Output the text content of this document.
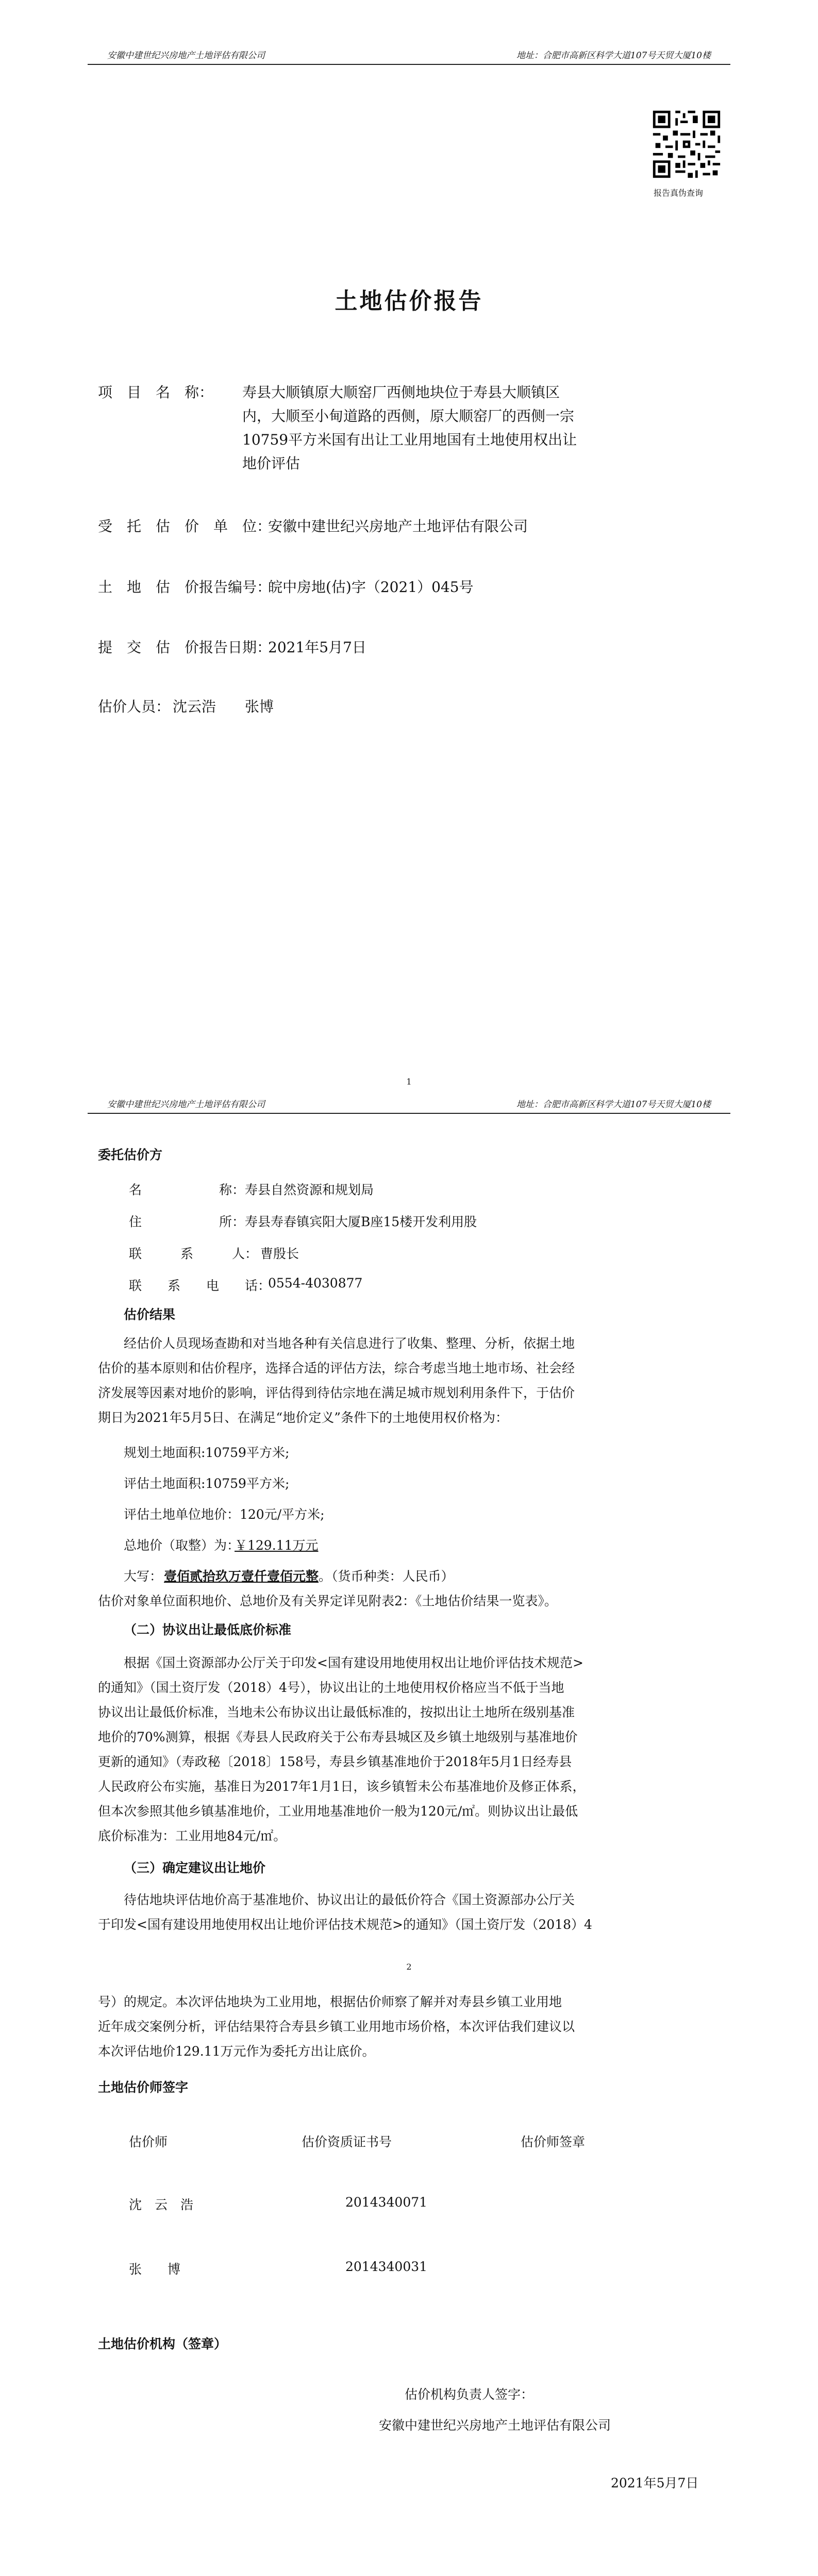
安徽中建世纪兴房地产土地评估有限公司	地址：合肥市高新区科学大道107号天贸大厦10楼
报告真伪查询
土地估价报告
项　目　名　称： 寿县大顺镇原大顺窑厂西侧地块位于寿县大顺镇区
内，大顺至小甸道路的西侧，原大顺窑厂的西侧一宗
10759平方米国有出让工业用地国有土地使用权出让
地价评估
受　托　估　价　单　位：
安徽中建世纪兴房地产土地评估有限公司
土　地　估　价报告编号：
皖中房地(估)字（2021）045号
提　交　估　价报告日期：
2021年5月7日
估价人员： 沈云浩　　张博
1
安徽中建世纪兴房地产土地评估有限公司	地址：合肥市高新区科学大道107号天贸大厦10楼
委托估价方
名　　　　　　称： 寿县自然资源和规划局
住　　　　　　所： 寿县寿春镇宾阳大厦B座15楼开发利用股
联　　　系　　　人： 曹殷长
联　　系　　电　　话：
0554-4030877
估价结果
经估价人员现场查勘和对当地各种有关信息进行了收集、整理、分析，依据土地
估价的基本原则和估价程序，选择合适的评估方法，综合考虑当地土地市场、社会经
济发展等因素对地价的影响，评估得到待估宗地在满足城市规划利用条件下，于估价
期日为2021年5月5日、在满足“地价定义”条件下的土地使用权价格为：
规划土地面积:10759平方米;
评估土地面积:10759平方米;
评估土地单位地价：120元/平方米;
总地价（取整）为：
￥129.11万元
大写： 壹佰贰拾玖万壹仟壹佰元整 。（货币种类：人民币）
估价对象单位面积地价、总地价及有关界定详见附表2：《土地估价结果一览表》。
（二）协议出让最低底价标准
根据《国土资源部办公厅关于印发<国有建设用地使用权出让地价评估技术规范>
的通知》（国土资厅发（2018）4号），协议出让的土地使用权价格应当不低于当地
协议出让最低价标准，当地未公布协议出让最低标准的，按拟出让土地所在级别基准
地价的70%测算，根据《寿县人民政府关于公布寿县城区及乡镇土地级别与基准地价
更新的通知》（寿政秘〔2018〕158号，寿县乡镇基准地价于2018年5月1日经寿县
人民政府公布实施，基准日为2017年1月1日，该乡镇暂未公布基准地价及修正体系，
但本次参照其他乡镇基准地价，工业用地基准地价一般为120元/㎡。则协议出让最低
底价标准为：工业用地84元/㎡。
（三）确定建议出让地价
待估地块评估地价高于基准地价、协议出让的最低价符合《国土资源部办公厅关
于印发<国有建设用地使用权出让地价评估技术规范>的通知》（国土资厅发（2018）4
2
号）的规定。本次评估地块为工业用地，根据估价师察了解并对寿县乡镇工业用地
近年成交案例分析，评估结果符合寿县乡镇工业用地市场价格，本次评估我们建议以
本次评估地价129.11万元作为委托方出让底价。
土地估价师签字
估价师	估价资质证书号	估价师签章
沈　云　浩	2014340071
张　　博	2014340031
土地估价机构（签章）
估价机构负责人签字：
安徽中建世纪兴房地产土地评估有限公司
2021年5月7日
